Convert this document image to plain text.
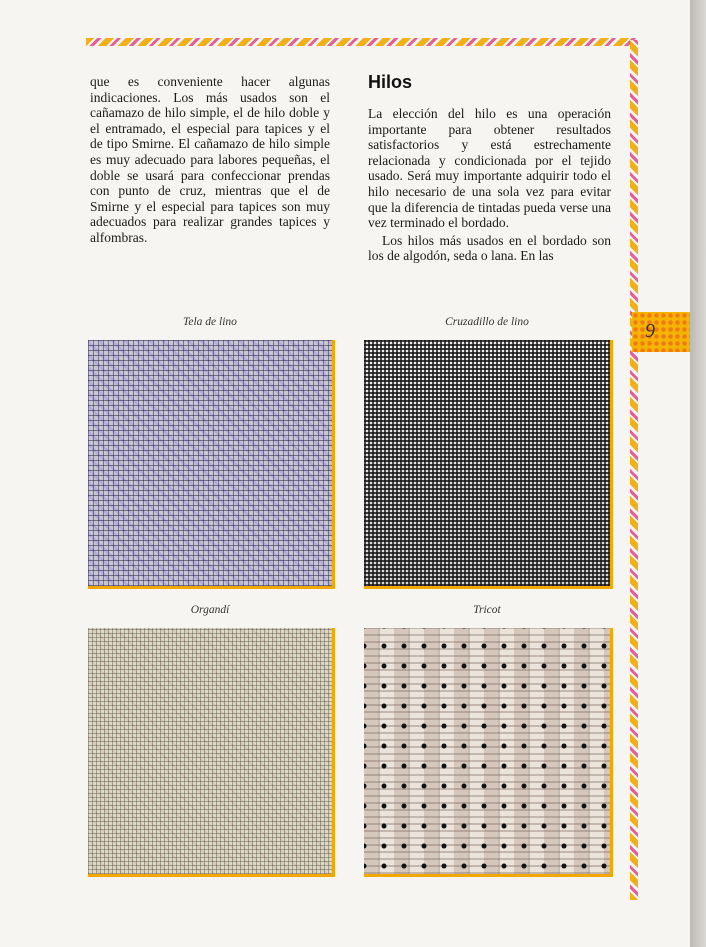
9

que es conveniente hacer algunas indicaciones. Los más usados son el cañamazo de hilo simple, el de hilo doble y el entramado, el especial para tapices y el de tipo Smirne. El cañamazo de hilo simple es muy adecuado para labores pequeñas, el doble se usará para confeccionar prendas con punto de cruz, mientras que el de Smirne y el especial para tapices son muy adecuados para realizar grandes tapices y alfombras.

Hilos

La elección del hilo es una operación importante para obtener resultados satisfactorios y está estrechamente relacionada y condicionada por el tejido usado. Será muy importante adquirir todo el hilo necesario de una sola vez para evitar que la diferencia de tintadas pueda verse una vez terminado el bordado.

Los hilos más usados en el bordado son los de algodón, seda o lana. En las

Tela de lino	Cruzadillo de lino
Organdí	Tricot
